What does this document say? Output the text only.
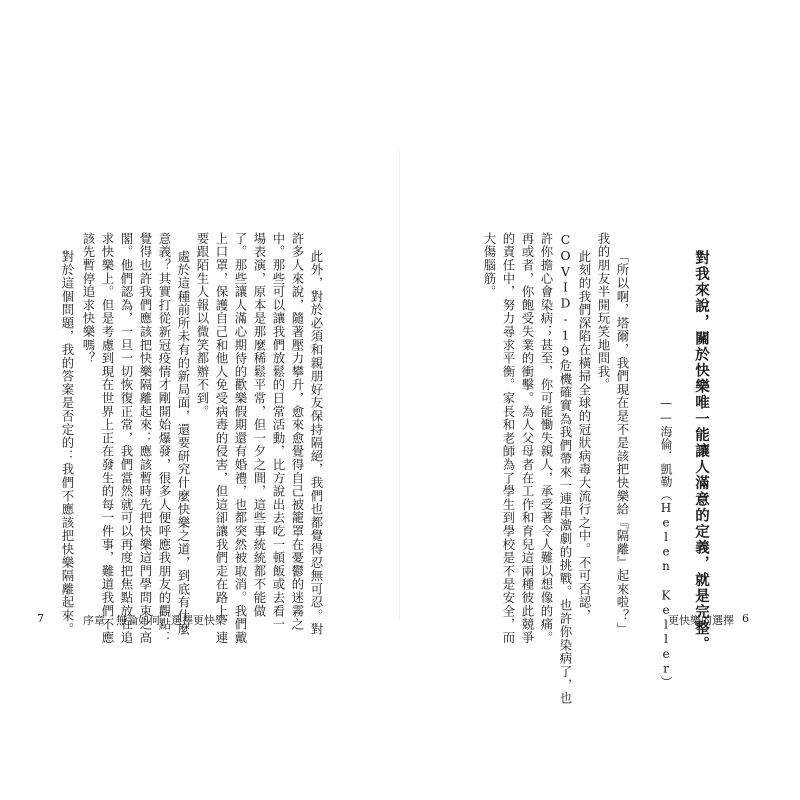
對我來說，關於快樂唯一能讓人滿意的定義，就是完整。
——海倫．凱勒（Helen Keller）
「所以啊，塔爾，我們現在是不是該把快樂給『隔離』起來啦？」
我的朋友半開玩笑地問我。
此刻的我們深陷在橫掃全球的冠狀病毒大流行之中。不可否認，
COVID-19危機確實為我們帶來一連串激劇的挑戰。也許你染病了，也
許你擔心會染病；甚至，你可能慟失親人，承受著令人難以想像的痛。
再或者，你飽受失業的衝擊。為人父母者在工作和育兒這兩種彼此競爭
的責任中，努力尋求平衡。家長和老師為了學生到學校是不是安全，而
大傷腦筋。
此外，對於必須和親朋好友保持隔絕，我們也都覺得忍無可忍。對
許多人來說，隨著壓力攀升，愈來愈覺得自己被籠罩在憂鬱的迷霧之
中。那些可以讓我們放鬆的日常活動，比方說出去吃一頓飯或去看一
場表演，原本是那麼稀鬆平常，但一夕之間，這些事統統都不能做
了。那些讓人滿心期待的歡樂假期還有婚禮，也都突然被取消。我們戴
上口罩，保護自己和他人免受病毒的侵害，但這卻讓我們走在路上，連
要跟陌生人報以微笑都辦不到。
處於這種前所未有的新局面，還要研究什麼快樂之道，到底有什麼
意義？其實打從新冠疫情才剛開始爆發，很多人便呼應我朋友的觀點：
覺得也許我們應該把快樂隔離起來：應該暫時先把快樂這門學問束之高
閣。他們認為，一旦一切恢復正常，我們當然就可以再度把焦點放在追
求快樂上。但是考慮到現在世界上正在發生的每一件事，難道我們不應
該先暫停追求快樂嗎？
對於這個問題，我的答案是否定的：我們不應該把快樂隔離起來。
7	序章　無論如何，選擇更快樂	更快樂的選擇 6
